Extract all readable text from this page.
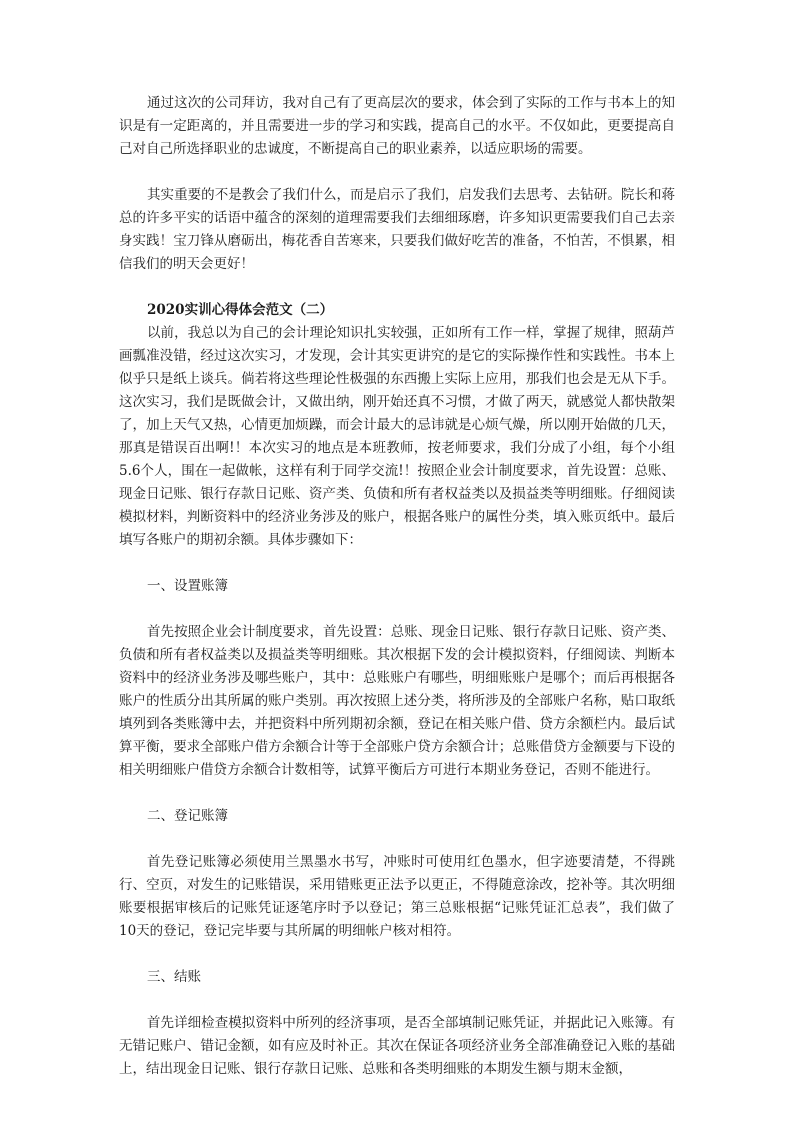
通过这次的公司拜访，我对自己有了更高层次的要求，体会到了实际的工作与书本上的知识是有一定距离的，并且需要进一步的学习和实践，提高自己的水平。不仅如此，更要提高自己对自己所选择职业的忠诚度，不断提高自己的职业素养，以适应职场的需要。

其实重要的不是教会了我们什么，而是启示了我们，启发我们去思考、去钻研。院长和蒋总的许多平实的话语中蕴含的深刻的道理需要我们去细细琢磨，许多知识更需要我们自己去亲身实践！宝刀锋从磨砺出，梅花香自苦寒来，只要我们做好吃苦的准备，不怕苦，不惧累，相信我们的明天会更好！

2020实训心得体会范文（二）

以前，我总以为自己的会计理论知识扎实较强，正如所有工作一样，掌握了规律，照葫芦画瓢准没错，经过这次实习，才发现，会计其实更讲究的是它的实际操作性和实践性。书本上似乎只是纸上谈兵。倘若将这些理论性极强的东西搬上实际上应用，那我们也会是无从下手。这次实习，我们是既做会计，又做出纳，刚开始还真不习惯，才做了两天，就感觉人都快散架了，加上天气又热，心情更加烦躁，而会计最大的忌讳就是心烦气燥，所以刚开始做的几天，那真是错误百出啊!！本次实习的地点是本班教师，按老师要求，我们分成了小组，每个小组5.6个人，围在一起做帐，这样有利于同学交流!！按照企业会计制度要求，首先设置：总账、现金日记账、银行存款日记账、资产类、负债和所有者权益类以及损益类等明细账。仔细阅读模拟材料，判断资料中的经济业务涉及的账户，根据各账户的属性分类，填入账页纸中。最后填写各账户的期初余额。具体步骤如下：

一、设置账簿

首先按照企业会计制度要求，首先设置：总账、现金日记账、银行存款日记账、资产类、负债和所有者权益类以及损益类等明细账。其次根据下发的会计模拟资料，仔细阅读、判断本资料中的经济业务涉及哪些账户，其中：总账账户有哪些，明细账账户是哪个；而后再根据各账户的性质分出其所属的账户类别。再次按照上述分类，将所涉及的全部账户名称，贴口取纸填列到各类账簿中去，并把资料中所列期初余额，登记在相关账户借、贷方余额栏内。最后试算平衡，要求全部账户借方余额合计等于全部账户贷方余额合计；总账借贷方金额要与下设的相关明细账户借贷方余额合计数相等，试算平衡后方可进行本期业务登记，否则不能进行。

二、登记账簿

首先登记账簿必须使用兰黑墨水书写，冲账时可使用红色墨水，但字迹要清楚，不得跳行、空页，对发生的记账错误，采用错账更正法予以更正，不得随意涂改，挖补等。其次明细账要根据审核后的记账凭证逐笔序时予以登记；第三总账根据“记账凭证汇总表”，我们做了10天的登记，登记完毕要与其所属的明细帐户核对相符。

三、结账

首先详细检查模拟资料中所列的经济事项，是否全部填制记账凭证，并据此记入账簿。有无错记账户、错记金额，如有应及时补正。其次在保证各项经济业务全部准确登记入账的基础上，结出现金日记账、银行存款日记账、总账和各类明细账的本期发生额与期末金额，
